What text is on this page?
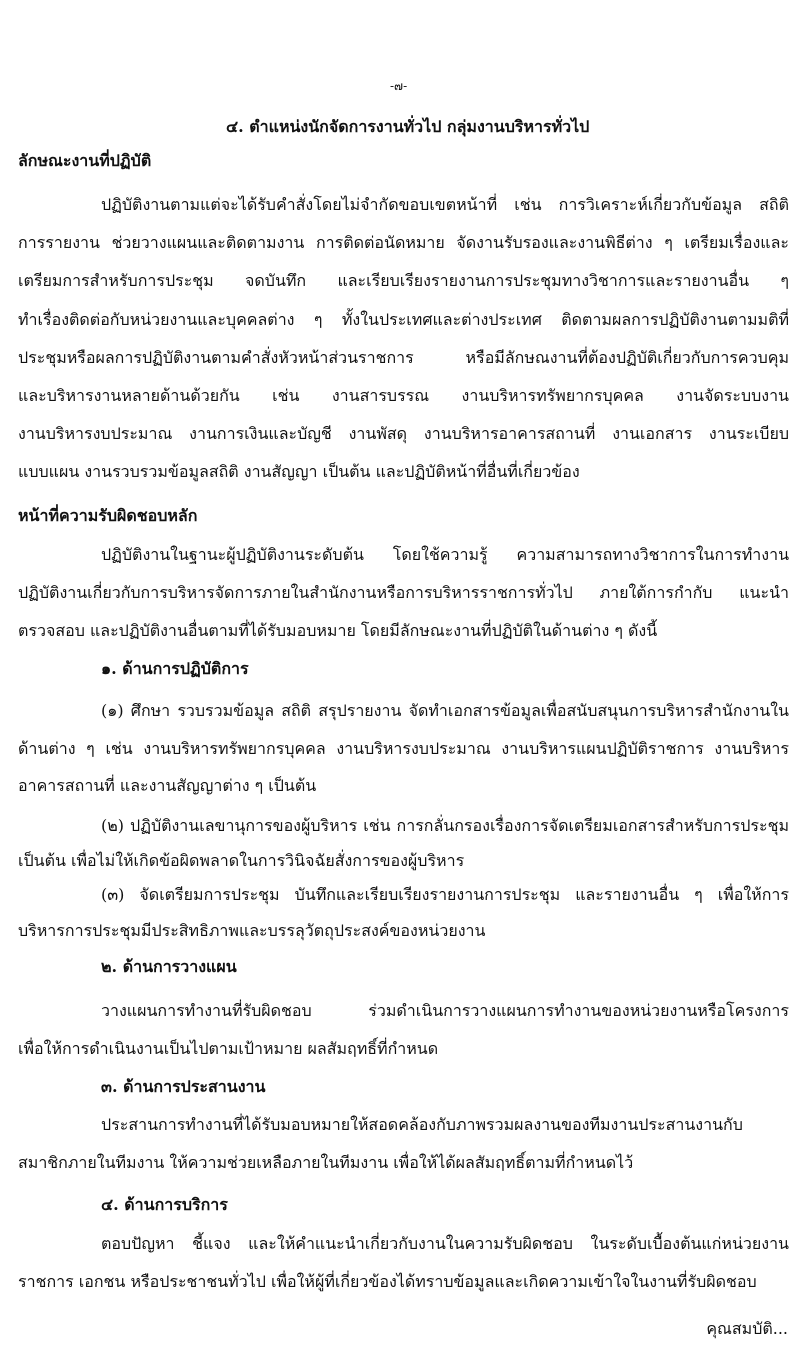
-๗-
๔. ตำแหน่งนักจัดการงานทั่วไป กลุ่มงานบริหารทั่วไป
ลักษณะงานที่ปฏิบัติ
ปฏิบัติงานตามแต่จะได้รับคำสั่งโดยไม่จำกัดขอบเขตหน้าที่ เช่น การวิเคราะห์เกี่ยวกับข้อมูล สถิติ
การรายงาน ช่วยวางแผนและติดตามงาน การติดต่อนัดหมาย จัดงานรับรองและงานพิธีต่าง ๆ เตรียมเรื่องและ
เตรียมการสำหรับการประชุม จดบันทึก และเรียบเรียงรายงานการประชุมทางวิชาการและรายงานอื่น ๆ
ทำเรื่องติดต่อกับหน่วยงานและบุคคลต่าง ๆ ทั้งในประเทศและต่างประเทศ ติดตามผลการปฏิบัติงานตามมติที่
ประชุมหรือผลการปฏิบัติงานตามคำสั่งหัวหน้าส่วนราชการ หรือมีลักษณงานที่ต้องปฏิบัติเกี่ยวกับการควบคุม
และบริหารงานหลายด้านด้วยกัน เช่น งานสารบรรณ งานบริหารทรัพยากรบุคคล งานจัดระบบงาน
งานบริหารงบประมาณ งานการเงินและบัญชี งานพัสดุ งานบริหารอาคารสถานที่ งานเอกสาร งานระเบียบ
แบบแผน งานรวบรวมข้อมูลสถิติ งานสัญญา เป็นต้น และปฏิบัติหน้าที่อื่นที่เกี่ยวข้อง
หน้าที่ความรับผิดชอบหลัก
ปฏิบัติงานในฐานะผู้ปฏิบัติงานระดับต้น โดยใช้ความรู้ ความสามารถทางวิชาการในการทำงาน
ปฏิบัติงานเกี่ยวกับการบริหารจัดการภายในสำนักงานหรือการบริหารราชการทั่วไป ภายใต้การกำกับ แนะนำ
ตรวจสอบ และปฏิบัติงานอื่นตามที่ได้รับมอบหมาย โดยมีลักษณะงานที่ปฏิบัติในด้านต่าง ๆ ดังนี้
๑. ด้านการปฏิบัติการ
(๑) ศึกษา รวบรวมข้อมูล สถิติ สรุปรายงาน จัดทำเอกสารข้อมูลเพื่อสนับสนุนการบริหารสำนักงานใน
ด้านต่าง ๆ เช่น งานบริหารทรัพยากรบุคคล งานบริหารงบประมาณ งานบริหารแผนปฏิบัติราชการ งานบริหาร
อาคารสถานที่ และงานสัญญาต่าง ๆ เป็นต้น
(๒) ปฏิบัติงานเลขานุการของผู้บริหาร เช่น การกลั่นกรองเรื่องการจัดเตรียมเอกสารสำหรับการประชุม
เป็นต้น เพื่อไม่ให้เกิดข้อผิดพลาดในการวินิจฉัยสั่งการของผู้บริหาร
(๓) จัดเตรียมการประชุม บันทึกและเรียบเรียงรายงานการประชุม และรายงานอื่น ๆ เพื่อให้การ
บริหารการประชุมมีประสิทธิภาพและบรรลุวัตถุประสงค์ของหน่วยงาน
๒. ด้านการวางแผน
วางแผนการทำงานที่รับผิดชอบ ร่วมดำเนินการวางแผนการทำงานของหน่วยงานหรือโครงการ
เพื่อให้การดำเนินงานเป็นไปตามเป้าหมาย ผลสัมฤทธิ์ที่กำหนด
๓. ด้านการประสานงาน
ประสานการทำงานที่ได้รับมอบหมายให้สอดคล้องกับภาพรวมผลงานของทีมงานประสานงานกับ
สมาชิกภายในทีมงาน ให้ความช่วยเหลือภายในทีมงาน เพื่อให้ได้ผลสัมฤทธิ์ตามที่กำหนดไว้
๔. ด้านการบริการ
ตอบปัญหา ชี้แจง และให้คำแนะนำเกี่ยวกับงานในความรับผิดชอบ ในระดับเบื้องต้นแก่หน่วยงาน
ราชการ เอกชน หรือประชาชนทั่วไป เพื่อให้ผู้ที่เกี่ยวข้องได้ทราบข้อมูลและเกิดความเข้าใจในงานที่รับผิดชอบ
คุณสมบัติ...
